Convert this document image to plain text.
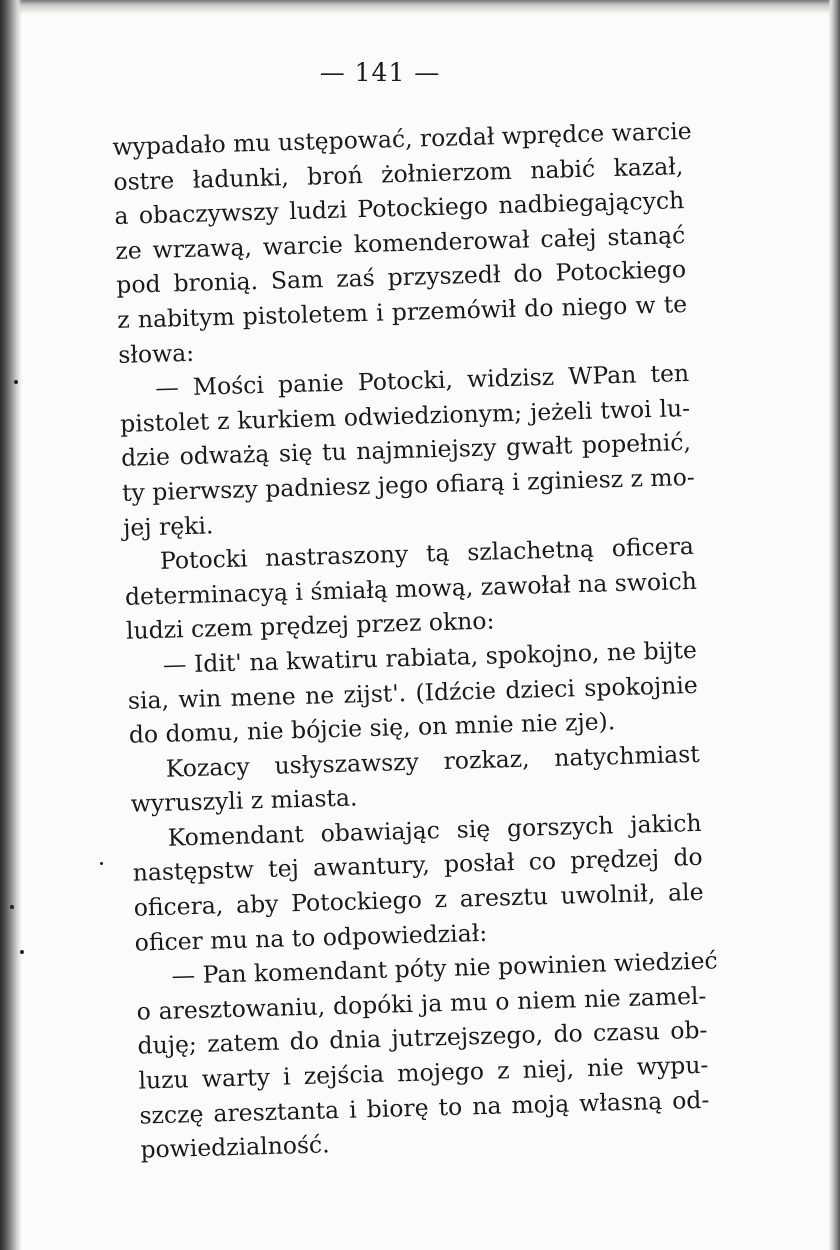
— 141 —
wypadało mu ustępować, rozdał wprędce warcie
ostre ładunki, broń żołnierzom nabić kazał,
a obaczywszy ludzi Potockiego nadbiegających
ze wrzawą, warcie komenderował całej stanąć
pod bronią. Sam zaś przyszedł do Potockiego
z nabitym pistoletem i przemówił do niego w te
słowa:
— Mości panie Potocki, widzisz WPan ten
pistolet z kurkiem odwiedzionym; jeżeli twoi lu-
dzie odważą się tu najmniejszy gwałt popełnić,
ty pierwszy padniesz jego ofiarą i zginiesz z mo-
jej ręki.
Potocki nastraszony tą szlachetną oficera
determinacyą i śmiałą mową, zawołał na swoich
ludzi czem prędzej przez okno:
— Idit' na kwatiru rabiata, spokojno, ne bijte
sia, win mene ne zijst'. (Idźcie dzieci spokojnie
do domu, nie bójcie się, on mnie nie zje).
Kozacy usłyszawszy rozkaz, natychmiast
wyruszyli z miasta.
Komendant obawiając się gorszych jakich
następstw tej awantury, posłał co prędzej do
oficera, aby Potockiego z aresztu uwolnił, ale
oficer mu na to odpowiedział:
— Pan komendant póty nie powinien wiedzieć
o aresztowaniu, dopóki ja mu o niem nie zamel-
duję; zatem do dnia jutrzejszego, do czasu ob-
luzu warty i zejścia mojego z niej, nie wypu-
szczę aresztanta i biorę to na moją własną od-
powiedzialność.
